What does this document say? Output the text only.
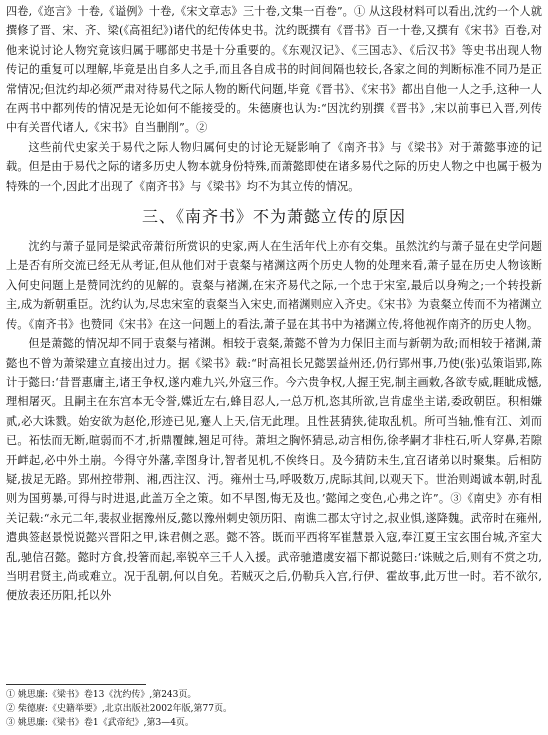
四卷,《迩言》十卷,《谥例》十卷,《宋文章志》三十卷,文集一百卷”。① 从这段材料可以看出,沈约一个人就撰修了晋、宋、齐、梁(《高祖纪》)诸代的纪传体史书。沈约既撰有《晋书》百一十卷,又撰有《宋书》百卷,对他来说讨论人物究竟该归属于哪部史书是十分重要的。《东观汉记》、《三国志》、《后汉书》等史书出现人物传记的重复可以理解,毕竟是出自多人之手,而且各自成书的时间间隔也较长,各家之间的判断标准不同乃是正常情况;但沈约却必须严肃对待易代之际人物的断代问题,毕竟《晋书》、《宋书》都出自他一人之手,这种一人在两书中都列传的情况是无论如何不能接受的。朱德赓也认为:“因沈约别撰《晋书》,宋以前事已入晋,列传中有关晋代诸人,《宋书》自当删削”。②

这些前代史家关于易代之际人物归属何史的讨论无疑影响了《南齐书》与《梁书》对于萧懿事迹的记载。但是由于易代之际的诸多历史人物本就身份特殊,而萧懿即使在诸多易代之际的历史人物之中也属于极为特殊的一个,因此才出现了《南齐书》与《梁书》均不为其立传的情况。

三、《南齐书》不为萧懿立传的原因

沈约与萧子显同是梁武帝萧衍所赏识的史家,两人在生活年代上亦有交集。虽然沈约与萧子显在史学问题上是否有所交流已经无从考证,但从他们对于袁粲与褚渊这两个历史人物的处理来看,萧子显在历史人物该断入何史问题上是赞同沈约的见解的。袁粲与褚渊,在宋齐易代之际,一个忠于宋室,最后以身殉之;一个转投新主,成为新朝重臣。沈约认为,尽忠宋室的袁粲当入宋史,而褚渊则应入齐史。《宋书》为袁粲立传而不为褚渊立传。《南齐书》也赞同《宋书》在这一问题上的看法,萧子显在其书中为褚渊立传,将他视作南齐的历史人物。

但是萧懿的情况却不同于袁粲与褚渊。相较于袁粲,萧懿不曾为力保旧主而与新朝为敌;而相较于褚渊,萧懿也不曾为萧梁建立直接出过力。据《梁书》载:“时高祖长兄懿罢益州还,仍行郢州事,乃使(张)弘策诣郢,陈计于懿曰:‘昔晋惠庸主,诸王争权,遂内难九兴,外寇三作。今六贵争权,人握王宪,制主画敕,各欲专威,睚眦成憾,理相屠灭。且嗣主在东宫本无令誉,媟近左右,蜂目忍人,一总万机,恣其所欲,岂肯虚坐主诺,委政朝臣。积相嫌贰,必大诛戮。始安欲为赵伦,形迹已见,蹇人上天,信无此理。且性甚猜狭,徒取乱机。所可当轴,惟有江、刘而已。祏怯而无断,暄弱而不才,折鼎覆餗,翘足可待。萧坦之胸怀猜忌,动言相伤,徐孝嗣才非柱石,听人穿鼻,若隙开衅起,必中外土崩。今得守外藩,幸图身计,智者见机,不俟终日。及今猜防未生,宜召诸弟以时聚集。后相防疑,拔足无路。郢州控带荆、湘,西注汉、沔。雍州士马,呼吸数万,虎眎其间,以观天下。世治则竭诚本朝,时乱则为国剪暴,可得与时进退,此盖万全之策。如不早图,悔无及也。’懿闻之变色,心弗之许”。③《南史》亦有相关记载:“永元二年,裴叔业据豫州反,懿以豫州刺史领历阳、南谯二郡太守讨之,叔业惧,遂降魏。武帝时在雍州,遣典签赵景悦说懿兴晋阳之甲,诛君侧之恶。懿不答。既而平西将军崔慧景入寇,奉江夏王宝玄围台城,齐室大乱,驰信召懿。懿时方食,投箸而起,率锐卒三千人入援。武帝驰遣虞安福下都说懿曰:‘诛贼之后,则有不赏之功,当明君贤主,尚或难立。况于乱朝,何以自免。若贼灭之后,仍勒兵入宫,行伊、霍故事,此万世一时。若不欲尔,便放表还历阳,托以外

① 姚思廉:《梁书》卷13《沈约传》,第243页。

② 柴德赓:《史籍举要》,北京出版社2002年版,第77页。

③ 姚思廉:《梁书》卷1《武帝纪》,第3—4页。
